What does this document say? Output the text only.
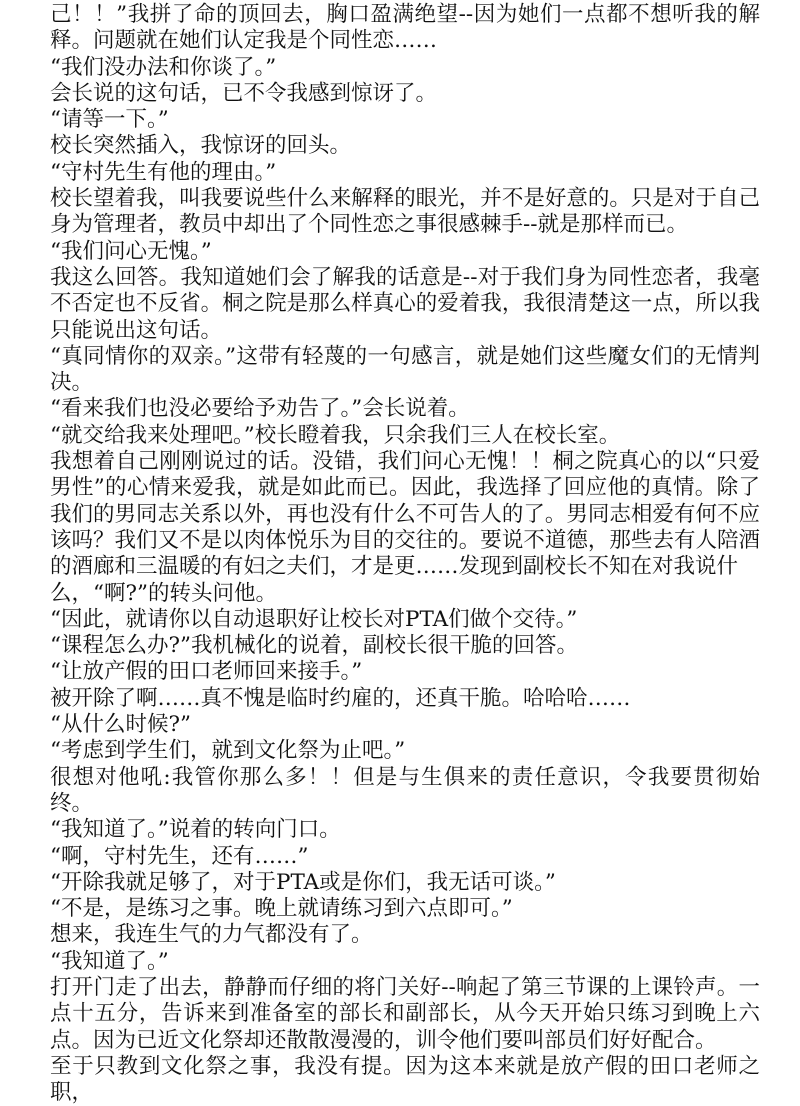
己！！”我拼了命的顶回去，胸口盈满绝望--因为她们一点都不想听我的解释。问题就在她们认定我是个同性恋……

“我们没办法和你谈了。”

会长说的这句话，已不令我感到惊讶了。

“请等一下。”

校长突然插入，我惊讶的回头。

“守村先生有他的理由。”

校长望着我，叫我要说些什么来解释的眼光，并不是好意的。只是对于自己身为管理者，教员中却出了个同性恋之事很感棘手--就是那样而已。

“我们问心无愧。”

我这么回答。我知道她们会了解我的话意是--对于我们身为同性恋者，我毫不否定也不反省。桐之院是那么样真心的爱着我，我很清楚这一点，所以我只能说出这句话。

“真同情你的双亲。”这带有轻蔑的一句感言，就是她们这些魔女们的无情判决。

“看来我们也没必要给予劝告了。”会长说着。

“就交给我来处理吧。”校长瞪着我，只余我们三人在校长室。

我想着自己刚刚说过的话。没错，我们问心无愧！！桐之院真心的以“只爱男性”的心情来爱我，就是如此而已。因此，我选择了回应他的真情。除了我们的男同志关系以外，再也没有什么不可告人的了。男同志相爱有何不应该吗？我们又不是以肉体悦乐为目的交往的。要说不道德，那些去有人陪酒的酒廊和三温暖的有妇之夫们，才是更……发现到副校长不知在对我说什

么，“啊?”的转头问他。

“因此，就请你以自动退职好让校长对PTA们做个交待。”

“课程怎么办?”我机械化的说着，副校长很干脆的回答。

“让放产假的田口老师回来接手。”

被开除了啊……真不愧是临时约雇的，还真干脆。哈哈哈……

“从什么时候?”

“考虑到学生们，就到文化祭为止吧。”

很想对他吼:我管你那么多！！但是与生俱来的责任意识，令我要贯彻始终。

“我知道了。”说着的转向门口。

“啊，守村先生，还有……”

“开除我就足够了，对于PTA或是你们，我无话可谈。”

“不是，是练习之事。晚上就请练习到六点即可。”

想来，我连生气的力气都没有了。

“我知道了。”

打开门走了出去，静静而仔细的将门关好--响起了第三节课的上课铃声。一点十五分，告诉来到准备室的部长和副部长，从今天开始只练习到晚上六点。因为已近文化祭却还散散漫漫的，训令他们要叫部员们好好配合。

至于只教到文化祭之事，我没有提。因为这本来就是放产假的田口老师之职，
